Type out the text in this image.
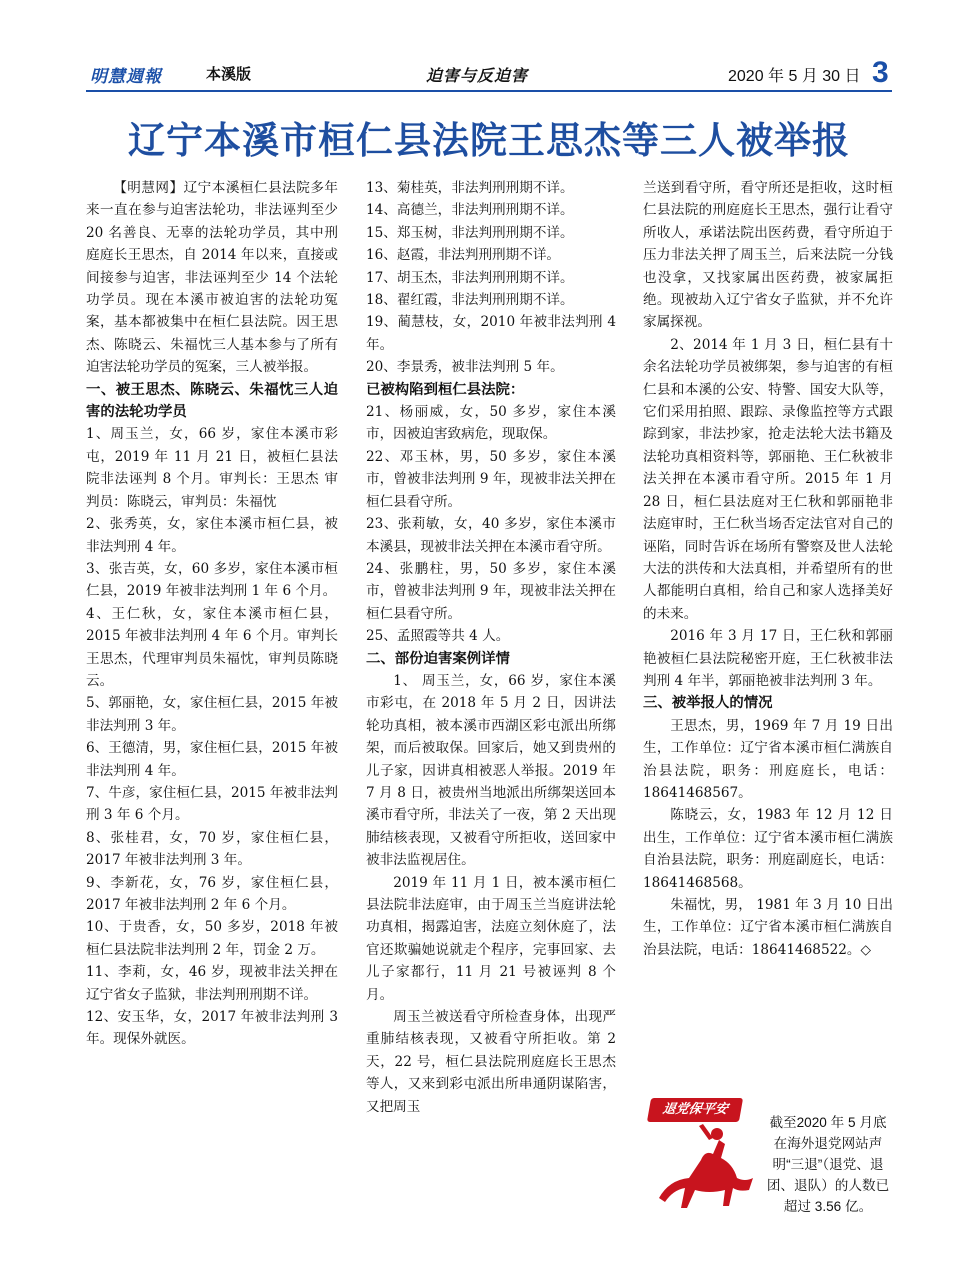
明慧週報	本溪版	迫害与反迫害	2020 年 5 月 30 日 3
辽宁本溪市桓仁县法院王思杰等三人被举报

【明慧网】辽宁本溪桓仁县法院多年来一直在参与迫害法轮功，非法诬判至少 20 名善良、无辜的法轮功学员，其中刑庭庭长王思杰，自 2014 年以来，直接或间接参与迫害，非法诬判至少 14 个法轮功学员。现在本溪市被迫害的法轮功冤案，基本都被集中在桓仁县法院。因王思杰、陈晓云、朱福忱三人基本参与了所有迫害法轮功学员的冤案，三人被举报。

一、被王思杰、陈晓云、朱福忱三人迫害的法轮功学员

1、周玉兰，女，66 岁，家住本溪市彩屯，2019 年 11 月 21 日，被桓仁县法院非法诬判 8 个月。审判长：王思杰 审判员：陈晓云，审判员：朱福忱

2、张秀英，女，家住本溪市桓仁县，被非法判刑 4 年。

3、张吉英，女，60 多岁，家住本溪市桓仁县，2019 年被非法判刑 1 年 6 个月。

4、王仁秋，女，家住本溪市桓仁县，2015 年被非法判刑 4 年 6 个月。审判长王思杰，代理审判员朱福忱，审判员陈晓云。

5、郭丽艳，女，家住桓仁县，2015 年被非法判刑 3 年。

6、王德清，男，家住桓仁县，2015 年被非法判刑 4 年。

7、牛彦，家住桓仁县，2015 年被非法判刑 3 年 6 个月。

8、张桂君，女，70 岁，家住桓仁县，2017 年被非法判刑 3 年。

9、李新花，女，76 岁，家住桓仁县，2017 年被非法判刑 2 年 6 个月。

10、于贵香，女，50 多岁，2018 年被桓仁县法院非法判刑 2 年，罚金 2 万。

11、李莉，女，46 岁，现被非法关押在辽宁省女子监狱，非法判刑刑期不详。

12、安玉华，女，2017 年被非法判刑 3 年。现保外就医。

13、菊桂英，非法判刑刑期不详。

14、高德兰，非法判刑刑期不详。

15、郑玉树，非法判刑刑期不详。

16、赵霞，非法判刑刑期不详。

17、胡玉杰，非法判刑刑期不详。

18、翟红霞，非法判刑刑期不详。

19、蔺慧枝，女，2010 年被非法判刑 4 年。

20、李景秀，被非法判刑 5 年。

已被构陷到桓仁县法院：

21、杨丽威，女，50 多岁，家住本溪市，因被迫害致病危，现取保。

22、邓玉林，男，50 多岁，家住本溪市，曾被非法判刑 9 年，现被非法关押在桓仁县看守所。

23、张莉敏，女，40 多岁，家住本溪市本溪县，现被非法关押在本溪市看守所。

24、张鹏柱，男，50 多岁，家住本溪市，曾被非法判刑 9 年，现被非法关押在桓仁县看守所。

25、孟照霞等共 4 人。

二、部份迫害案例详情

1、 周玉兰，女，66 岁，家住本溪市彩屯，在 2018 年 5 月 2 日，因讲法轮功真相，被本溪市西湖区彩屯派出所绑架，而后被取保。回家后，她又到贵州的儿子家，因讲真相被恶人举报。2019 年 7 月 8 日，被贵州当地派出所绑架送回本溪市看守所，非法关了一夜，第 2 天出现肺结核表现，又被看守所拒收，送回家中被非法监视居住。

2019 年 11 月 1 日，被本溪市桓仁县法院非法庭审，由于周玉兰当庭讲法轮功真相，揭露迫害，法庭立刻休庭了，法官还欺骗她说就走个程序，完事回家、去儿子家都行，11 月 21 号被诬判 8 个月。

周玉兰被送看守所检查身体，出现严重肺结核表现，又被看守所拒收。第 2 天，22 号，桓仁县法院刑庭庭长王思杰等人，又来到彩屯派出所串通阴谋陷害，又把周玉

兰送到看守所，看守所还是拒收，这时桓仁县法院的刑庭庭长王思杰，强行让看守所收人，承诺法院出医药费，看守所迫于压力非法关押了周玉兰，后来法院一分钱也没拿，又找家属出医药费，被家属拒绝。现被劫入辽宁省女子监狱，并不允许家属探视。

2、2014 年 1 月 3 日，桓仁县有十余名法轮功学员被绑架，参与迫害的有桓仁县和本溪的公安、特警、国安大队等，它们采用拍照、跟踪、录像监控等方式跟踪到家，非法抄家，抢走法轮大法书籍及法轮功真相资料等，郭丽艳、王仁秋被非法关押在本溪市看守所。2015 年 1 月 28 日，桓仁县法庭对王仁秋和郭丽艳非法庭审时，王仁秋当场否定法官对自己的诬陷，同时告诉在场所有警察及世人法轮大法的洪传和大法真相，并希望所有的世人都能明白真相，给自己和家人选择美好的未来。

2016 年 3 月 17 日，王仁秋和郭丽艳被桓仁县法院秘密开庭，王仁秋被非法判刑 4 年半，郭丽艳被非法判刑 3 年。

三、被举报人的情况

王思杰，男，1969 年 7 月 19 日出生，工作单位：辽宁省本溪市桓仁满族自治县法院，职务：刑庭庭长，电话：18641468567。

陈晓云，女，1983 年 12 月 12 日出生，工作单位：辽宁省本溪市桓仁满族自治县法院，职务：刑庭副庭长，电话：18641468568。

朱福忱，男， 1981 年 3 月 10 日出生，工作单位：辽宁省本溪市桓仁满族自治县法院，电话：18641468522。◇

退党保平安
截至2020 年 5 月底在海外退党网站声明“三退”（退党、退团、退队）的人数已超过 3.56 亿。
